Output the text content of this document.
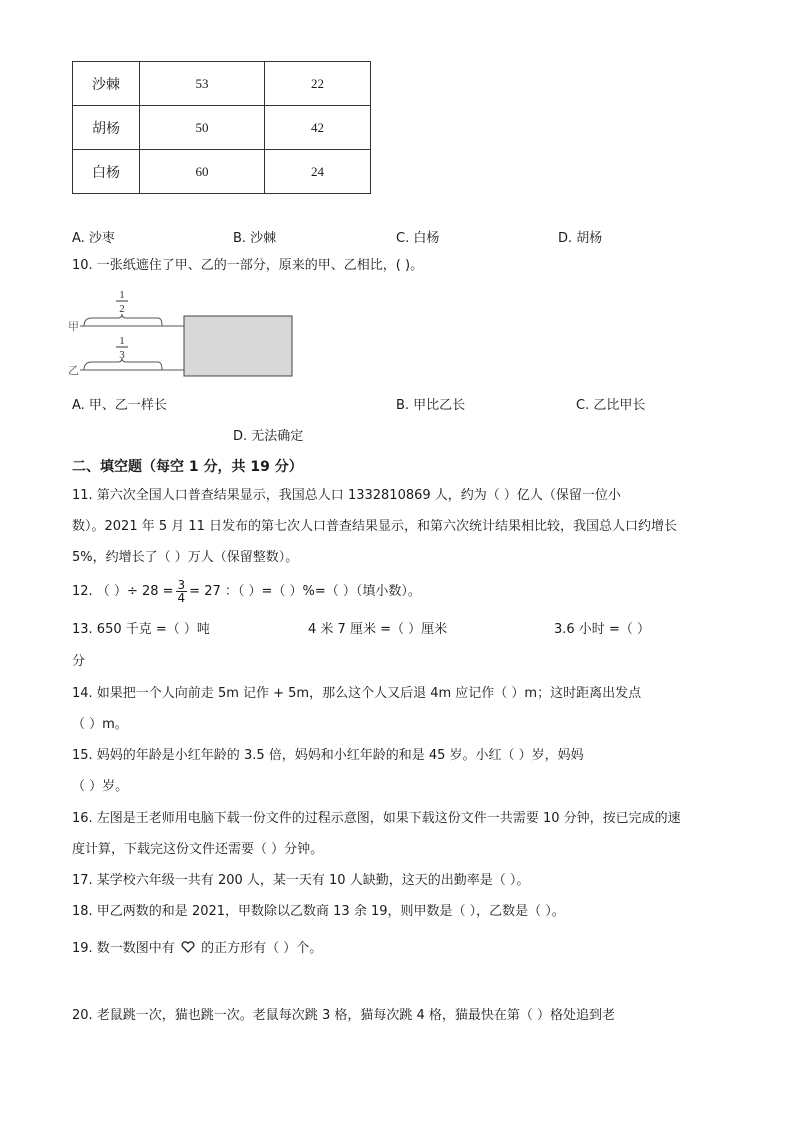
沙棘	53	22
胡杨	50	42
白杨	60	24
A. 沙枣	B. 沙棘	C. 白杨	D. 胡杨
10. 一张纸遮住了甲、乙的一部分，原来的甲、乙相比，( )。
1
2
甲
1
3
乙
A. 甲、乙一样长	B. 甲比乙长	C. 乙比甲长
D. 无法确定
二、填空题（每空 1 分，共 19 分）
11. 第六次全国人口普查结果显示，我国总人口 1332810869 人，约为（ ）亿人（保留一位小
数）。2021 年 5 月 11 日发布的第七次人口普查结果显示，和第六次统计结果相比较，我国总人口约增长
5%，约增长了（ ）万人（保留整数）。
12. （ ）÷ $28 = \frac{3}{4} = 27$ ：（ ）=（ ）%=（ ）（填小数）。
13. 650 千克 =（ ）吨	4 米 7 厘米 =（ ）厘米	3.6 小时 =（ ）
分
14. 如果把一个人向前走 5m 记作 + 5m，那么这个人又后退 4m 应记作（ ）m；这时距离出发点
（ ）m。
15. 妈妈的年龄是小红年龄的 3.5 倍，妈妈和小红年龄的和是 45 岁。小红（ ）岁，妈妈
（ ）岁。
16. 左图是王老师用电脑下载一份文件的过程示意图，如果下载这份文件一共需要 10 分钟，按已完成的速
度计算，下载完这份文件还需要（ ）分钟。
17. 某学校六年级一共有 200 人，某一天有 10 人缺勤，这天的出勤率是（ ）。
18. 甲乙两数的和是 2021，甲数除以乙数商 13 余 19，则甲数是（ ），乙数是（ ）。
19. 数一数图中有 的正方形有（ ）个。
20. 老鼠跳一次，猫也跳一次。老鼠每次跳 3 格，猫每次跳 4 格，猫最快在第（ ）格处追到老
